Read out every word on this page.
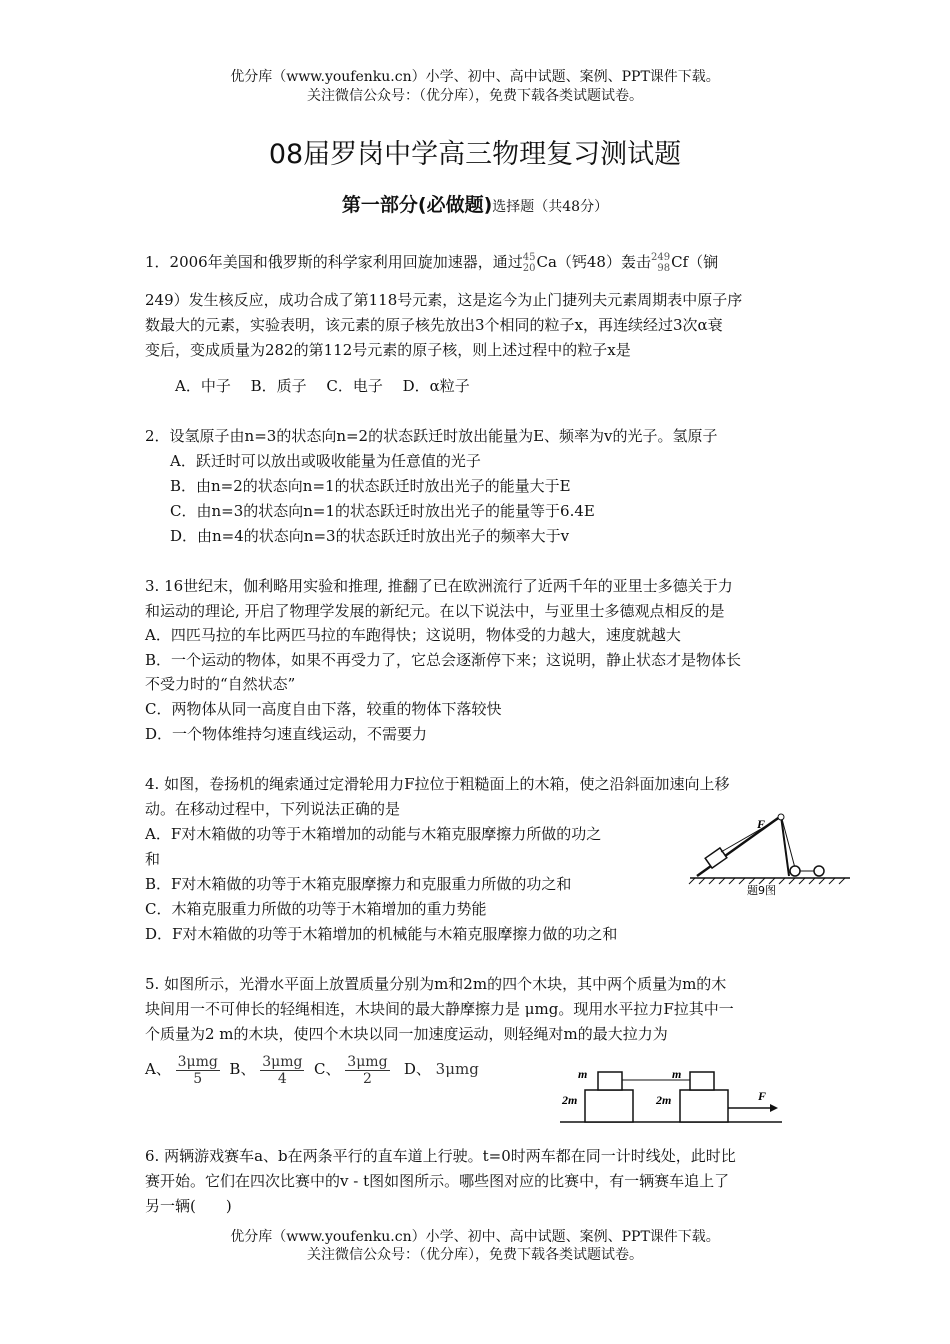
优分库（www.youfenku.cn）小学、初中、高中试题、案例、PPT课件下载。
关注微信公众号：（优分库），免费下载各类试题试卷。
08届罗岗中学高三物理复习测试题
第一部分(必做题)选择题（共48分）
1．2006年美国和俄罗斯的科学家利用回旋加速器，通过 45
20 Ca（钙48）轰击 249
98 Cf（锎
249）发生核反应，成功合成了第118号元素，这是迄今为止门捷列夫元素周期表中原子序
数最大的元素，实验表明，该元素的原子核先放出3个相同的粒子x，再连续经过3次α衰
变后，变成质量为282的第112号元素的原子核，则上述过程中的粒子x是
A．中子　 B．质子　 C．电子　 D．α粒子
2．设氢原子由n=3的状态向n=2的状态跃迁时放出能量为E、频率为v的光子。氢原子
A．跃迁时可以放出或吸收能量为任意值的光子
B．由n=2的状态向n=1的状态跃迁时放出光子的能量大于E
C．由n=3的状态向n=1的状态跃迁时放出光子的能量等于6.4E
D．由n=4的状态向n=3的状态跃迁时放出光子的频率大于v
3. 16世纪末，伽利略用实验和推理, 推翻了已在欧洲流行了近两千年的亚里士多德关于力
和运动的理论, 开启了物理学发展的新纪元。在以下说法中，与亚里士多德观点相反的是
A．四匹马拉的车比两匹马拉的车跑得快；这说明，物体受的力越大，速度就越大
B．一个运动的物体，如果不再受力了，它总会逐渐停下来；这说明，静止状态才是物体长
不受力时的“自然状态”
C．两物体从同一高度自由下落，较重的物体下落较快
D．一个物体维持匀速直线运动，不需要力
4. 如图，卷扬机的绳索通过定滑轮用力F拉位于粗糙面上的木箱，使之沿斜面加速向上移
动。在移动过程中，下列说法正确的是
A．F对木箱做的功等于木箱增加的动能与木箱克服摩擦力所做的功之
和
B．F对木箱做的功等于木箱克服摩擦力和克服重力所做的功之和
C．木箱克服重力所做的功等于木箱增加的重力势能
D．F对木箱做的功等于木箱增加的机械能与木箱克服摩擦力做的功之和
F
题9图
5. 如图所示，光滑水平面上放置质量分别为m和2m的四个木块，其中两个质量为m的木
块间用一不可伸长的轻绳相连，木块间的最大静摩擦力是 μmg。现用水平拉力F拉其中一
个质量为2 m的木块，使四个木块以同一加速度运动，则轻绳对m的最大拉力为
A、 $\frac{\text{3μmg}}{5}$ B、 $\frac{\text{3μmg}}{4}$ C、 $\frac{\text{3μmg}}{2}$ D、 3μmg	m	m
2m	2m	F
6. 两辆游戏赛车a、b在两条平行的直车道上行驶。t=0时两车都在同一计时线处，此时比
赛开始。它们在四次比赛中的v - t图如图所示。哪些图对应的比赛中，有一辆赛车追上了
另一辆(　　)
优分库（www.youfenku.cn）小学、初中、高中试题、案例、PPT课件下载。
关注微信公众号：（优分库），免费下载各类试题试卷。
